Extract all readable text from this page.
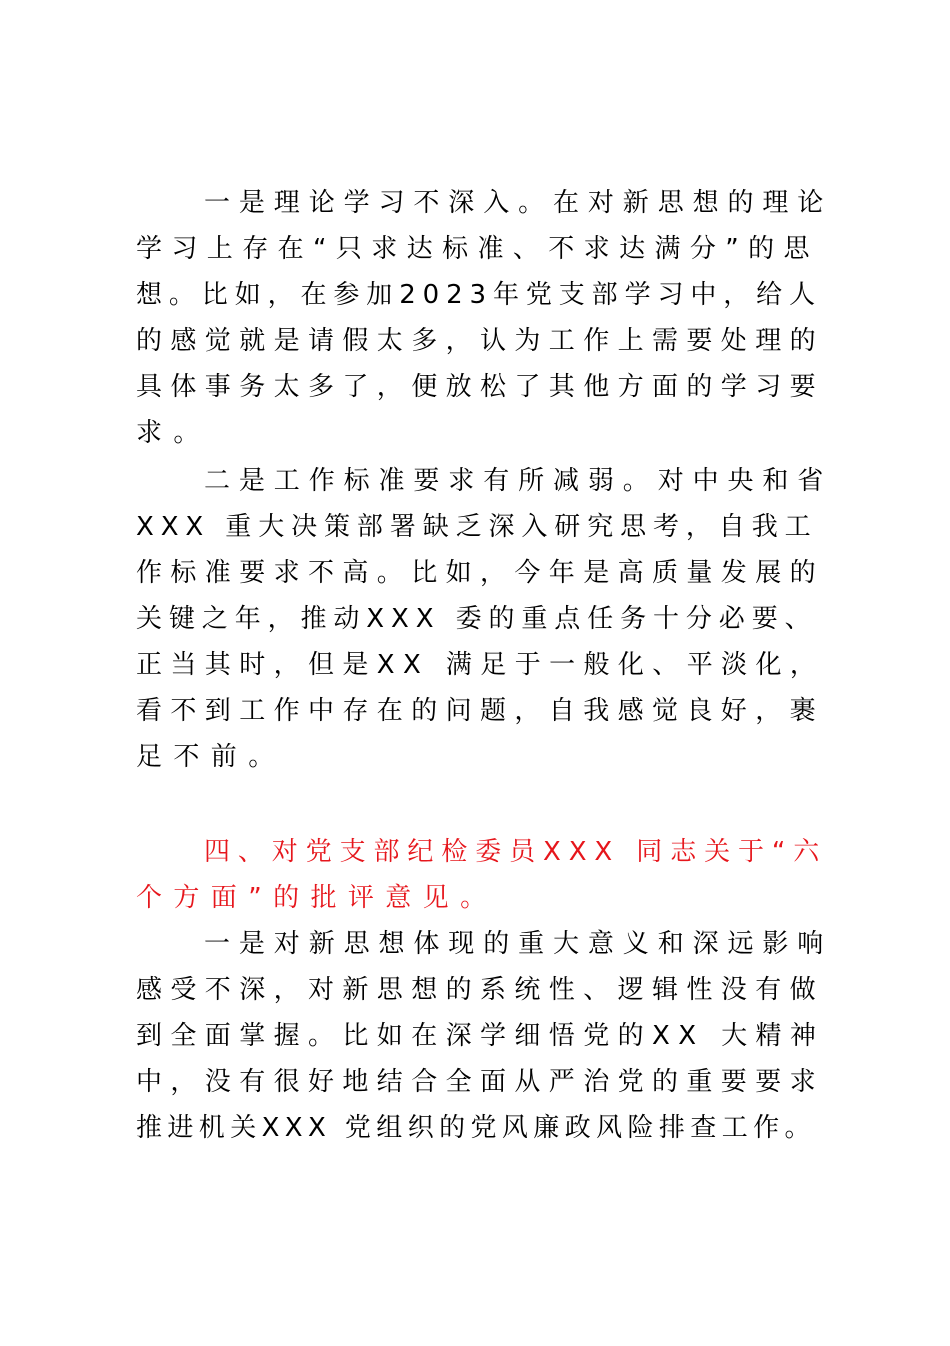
一是理论学习不深入。在对新思想的理论
学习上存在“只求达标准、不求达满分”的思
想。比如，在参加2023年党支部学习中，给人
的感觉就是请假太多，认为工作上需要处理的
具体事务太多了，便放松了其他方面的学习要
求。
二是工作标准要求有所减弱。对中央和省
XXX 重大决策部署缺乏深入研究思考，自我工
作标准要求不高。比如，今年是高质量发展的
关键之年，推动XXX 委的重点任务十分必要、
正当其时，但是XX 满足于一般化、平淡化，
看不到工作中存在的问题，自我感觉良好，裹
足不前。
四、对党支部纪检委员XXX 同志关于“六
个方面”的批评意见。
一是对新思想体现的重大意义和深远影响
感受不深，对新思想的系统性、逻辑性没有做
到全面掌握。比如在深学细悟党的XX 大精神
中，没有很好地结合全面从严治党的重要要求
推进机关XXX 党组织的党风廉政风险排查工作。
